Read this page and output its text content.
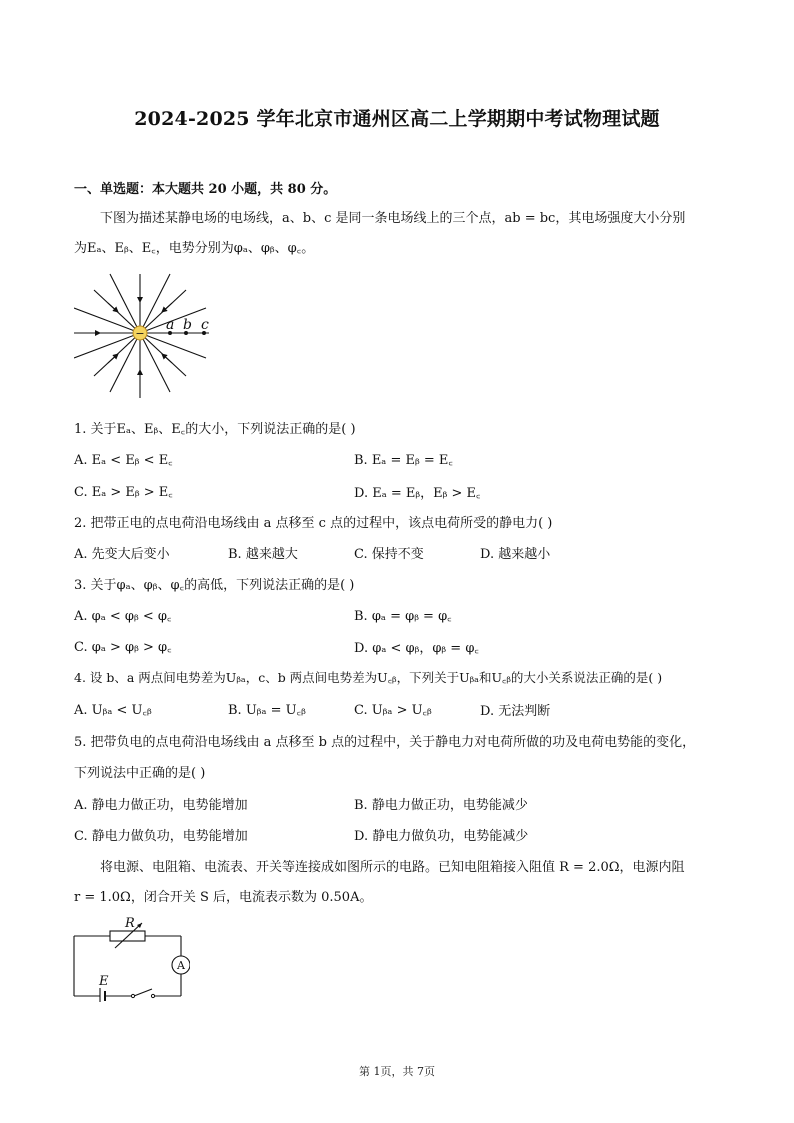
2024-2025 学年北京市通州区高二上学期期中考试物理试题
一、单选题：本大题共 20 小题，共 80 分。
下图为描述某静电场的电场线，a、b、c 是同一条电场线上的三个点，ab = bc，其电场强度大小分别
为Eₐ、Eᵦ、E꜀，电势分别为φₐ、φᵦ、φ꜀。
−
a b c
1. 关于Eₐ、Eᵦ、E꜀的大小，下列说法正确的是( )
A. Eₐ < Eᵦ < E꜀	B. Eₐ = Eᵦ = E꜀
C. Eₐ > Eᵦ > E꜀	D. Eₐ = Eᵦ，Eᵦ > E꜀
2. 把带正电的点电荷沿电场线由 a 点移至 c 点的过程中，该点电荷所受的静电力( )
A. 先变大后变小	B. 越来越大	C. 保持不变	D. 越来越小
3. 关于φₐ、φᵦ、φ꜀的高低，下列说法正确的是( )
A. φₐ < φᵦ < φ꜀	B. φₐ = φᵦ = φ꜀
C. φₐ > φᵦ > φ꜀	D. φₐ < φᵦ，φᵦ = φ꜀
4. 设 b、a 两点间电势差为Uᵦₐ，c、b 两点间电势差为U꜀ᵦ，下列关于Uᵦₐ和U꜀ᵦ的大小关系说法正确的是( )
A. Uᵦₐ < U꜀ᵦ	B. Uᵦₐ = U꜀ᵦ	C. Uᵦₐ > U꜀ᵦ	D. 无法判断
5. 把带负电的点电荷沿电场线由 a 点移至 b 点的过程中，关于静电力对电荷所做的功及电荷电势能的变化，
下列说法中正确的是( )
A. 静电力做正功，电势能增加	B. 静电力做正功，电势能减少
C. 静电力做负功，电势能增加	D. 静电力做负功，电势能减少
将电源、电阻箱、电流表、开关等连接成如图所示的电路。已知电阻箱接入阻值 R = 2.0Ω，电源内阻
r = 1.0Ω，闭合开关 S 后，电流表示数为 0.50A。
R
E
A
第 1页，共 7页
